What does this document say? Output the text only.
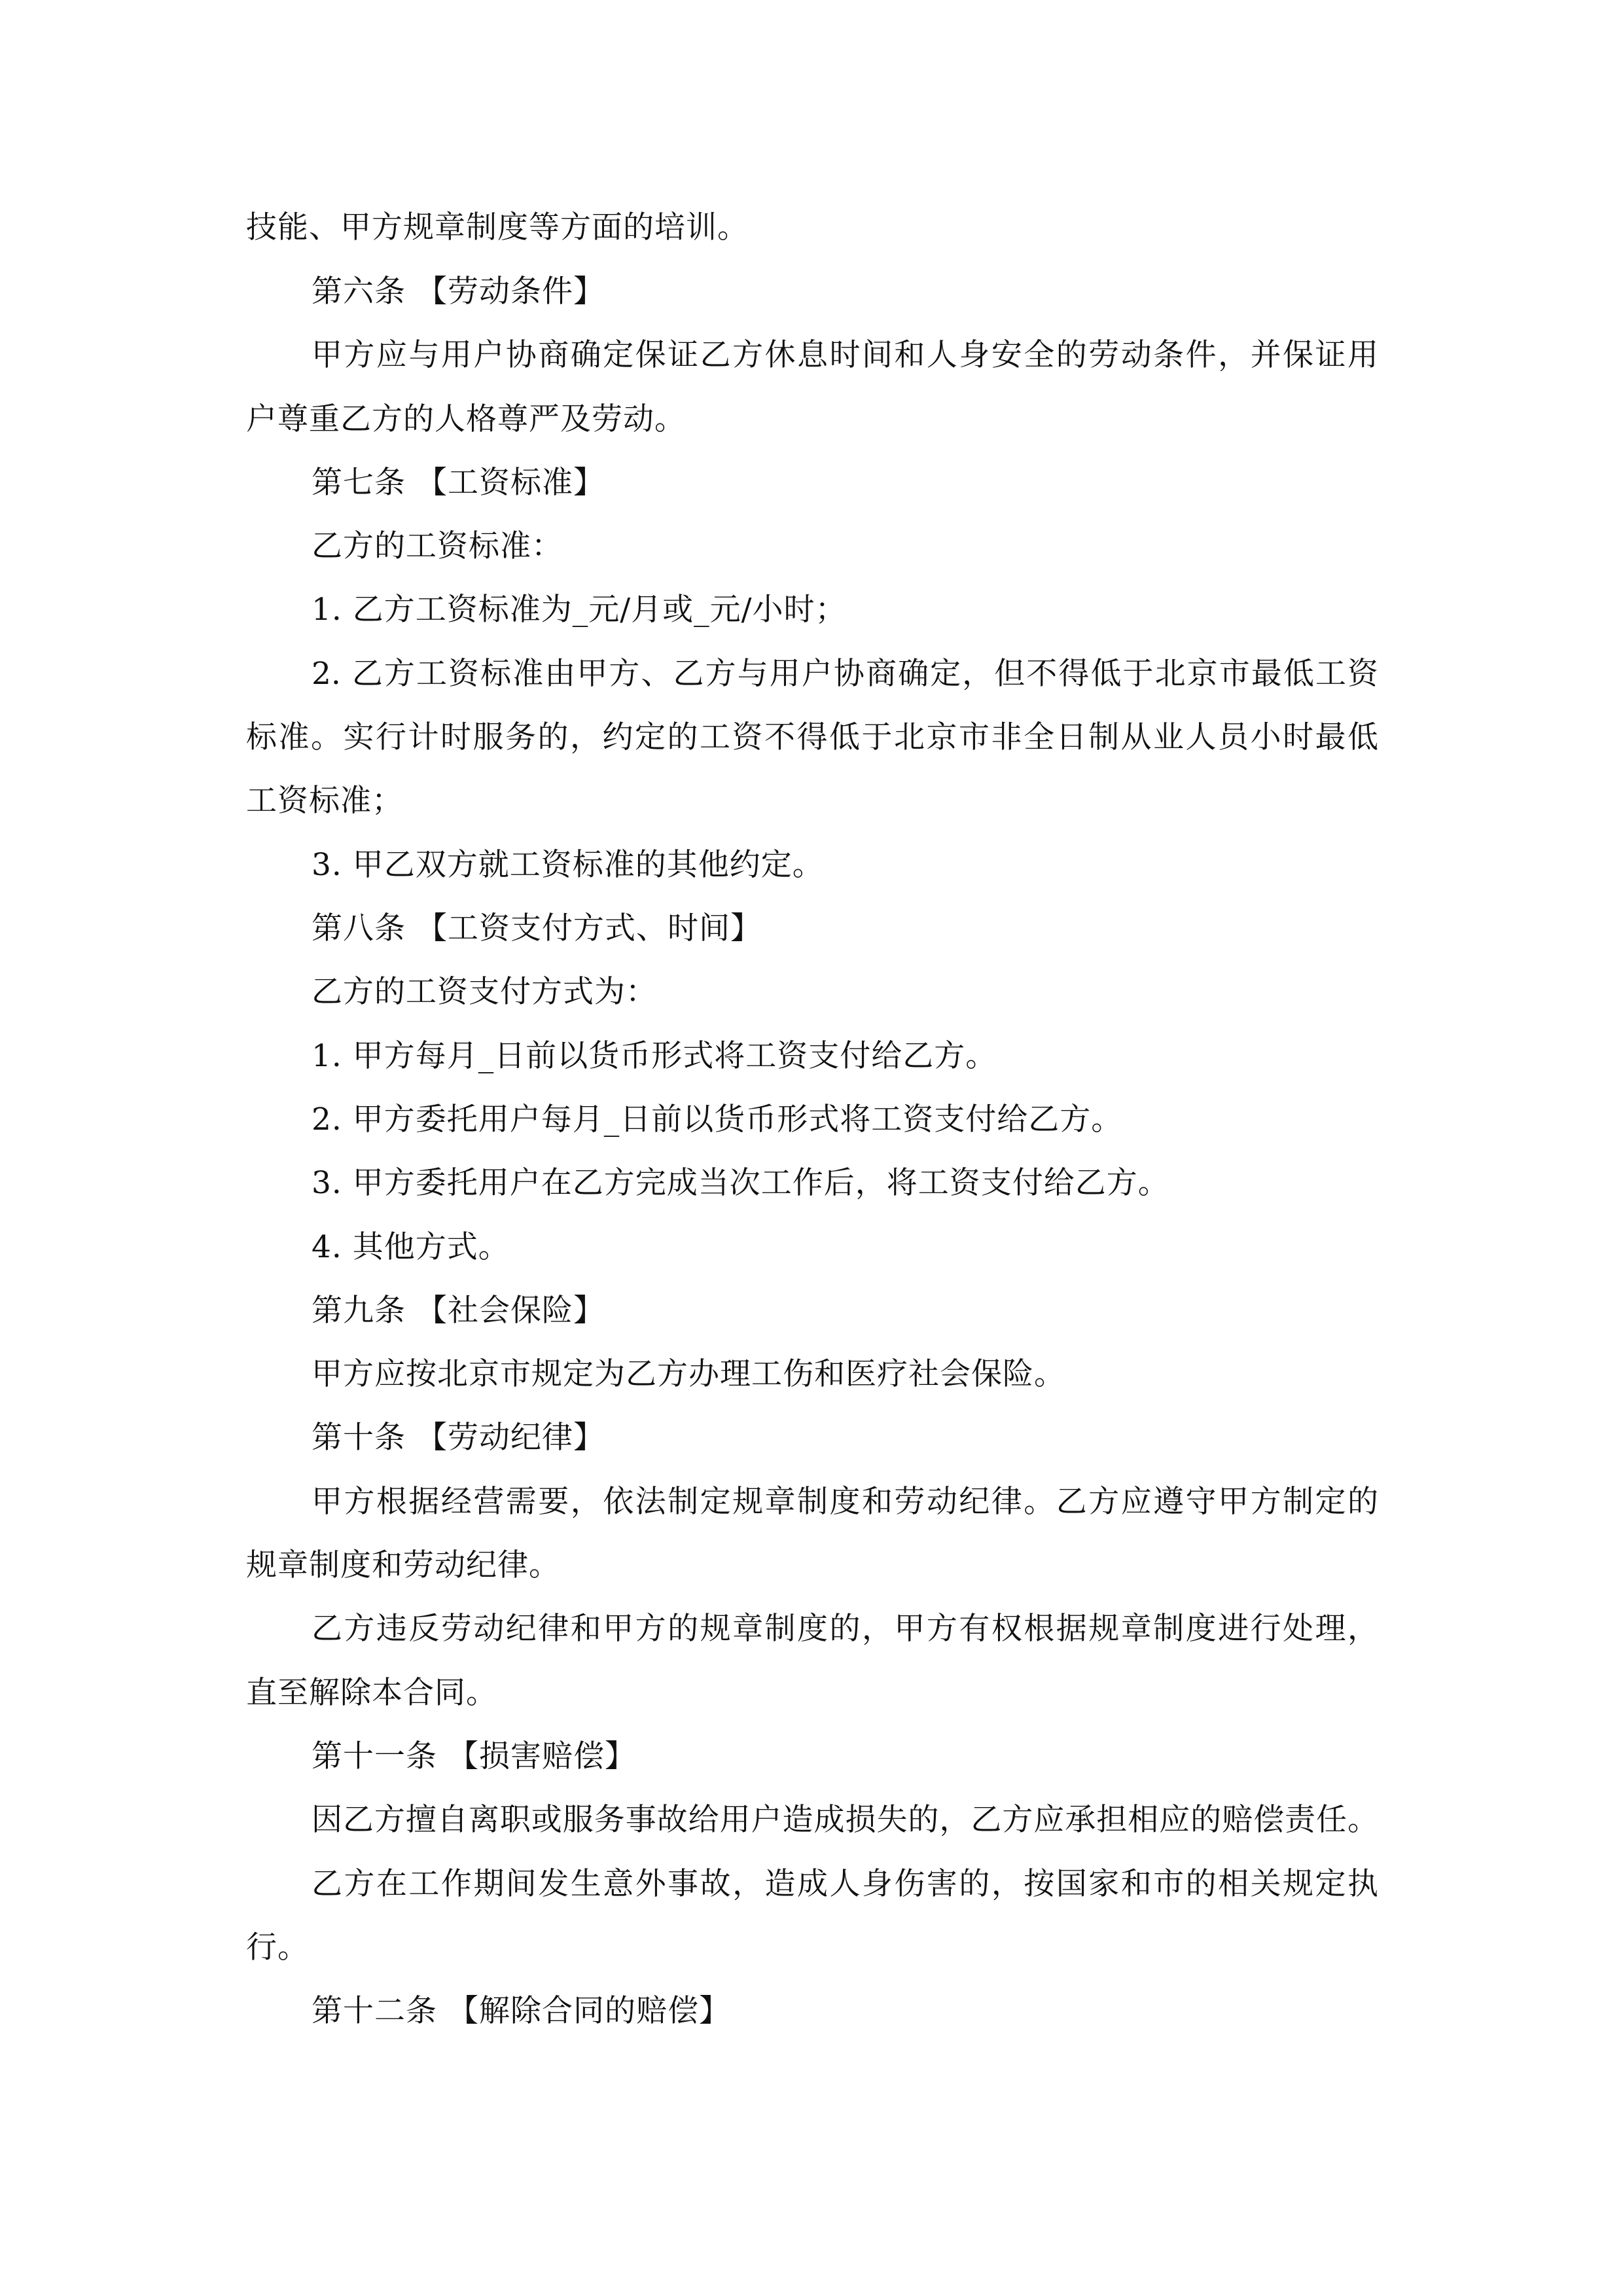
技能、甲方规章制度等方面的培训。
第六条 【劳动条件】
甲方应与用户协商确定保证乙方休息时间和人身安全的劳动条件，并保证用
户尊重乙方的人格尊严及劳动。
第七条 【工资标准】
乙方的工资标准：
1. 乙方工资标准为_元/月或_元/小时；
2. 乙方工资标准由甲方、乙方与用户协商确定，但不得低于北京市最低工资
标准。实行计时服务的，约定的工资不得低于北京市非全日制从业人员小时最低
工资标准；
3. 甲乙双方就工资标准的其他约定。
第八条 【工资支付方式、时间】
乙方的工资支付方式为：
1. 甲方每月_日前以货币形式将工资支付给乙方。
2. 甲方委托用户每月_日前以货币形式将工资支付给乙方。
3. 甲方委托用户在乙方完成当次工作后，将工资支付给乙方。
4. 其他方式。
第九条 【社会保险】
甲方应按北京市规定为乙方办理工伤和医疗社会保险。
第十条 【劳动纪律】
甲方根据经营需要，依法制定规章制度和劳动纪律。乙方应遵守甲方制定的
规章制度和劳动纪律。
乙方违反劳动纪律和甲方的规章制度的，甲方有权根据规章制度进行处理，
直至解除本合同。
第十一条 【损害赔偿】
因乙方擅自离职或服务事故给用户造成损失的，乙方应承担相应的赔偿责任。
乙方在工作期间发生意外事故，造成人身伤害的，按国家和市的相关规定执
行。
第十二条 【解除合同的赔偿】
